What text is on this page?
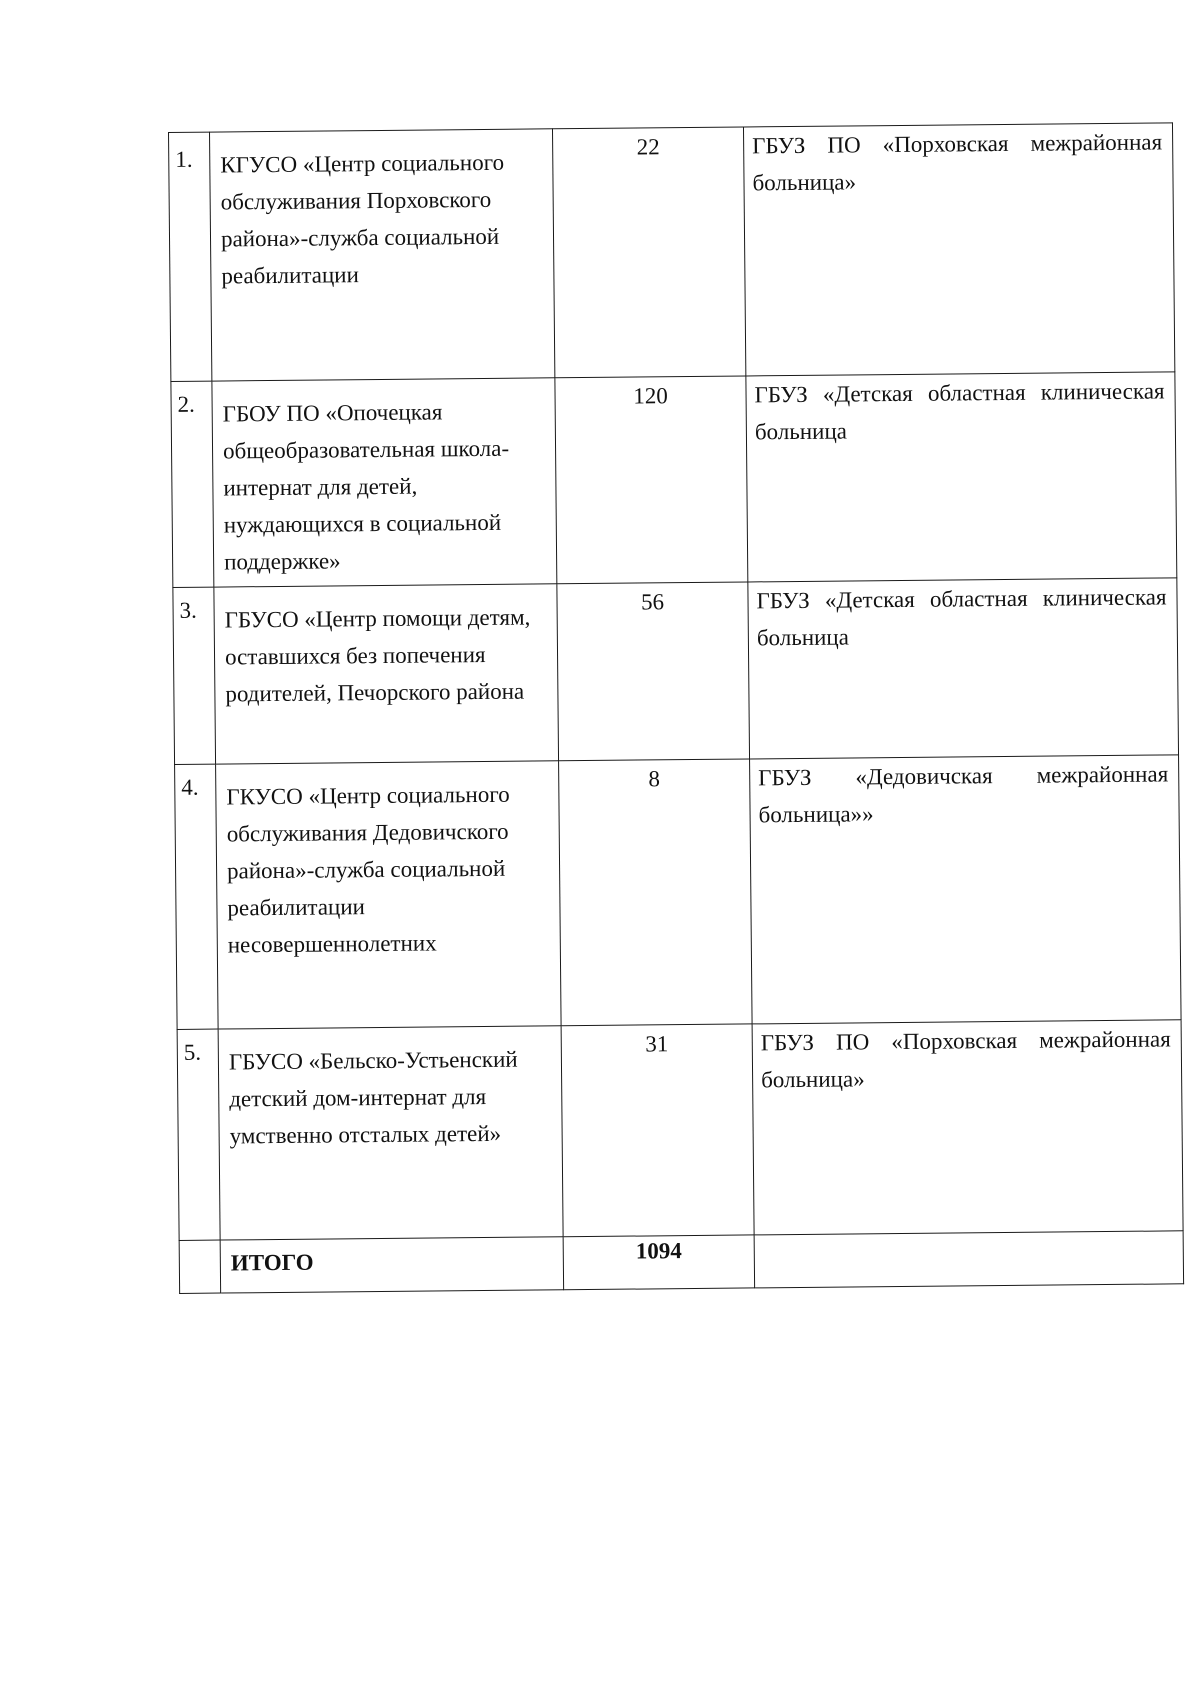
1.	КГУСО «Центр социального обслуживания Порховского района»-служба социальной реабилитации	22	ГБУЗ ПО «Порховская межрайонная больница»
2.	ГБОУ ПО «Опочецкая общеобразовательная школа-интернат для детей, нуждающихся в социальной поддержке»	120	ГБУЗ «Детская областная клиническая больница
3.	ГБУСО «Центр помощи детям, оставшихся без попечения родителей, Печорского района	56	ГБУЗ «Детская областная клиническая больница
4.	ГКУСО «Центр социального обслуживания Дедовичского района»-служба социальной реабилитации несовершеннолетних	8	ГБУЗ «Дедовичская межрайонная больница»»
5.	ГБУСО «Бельско-Устьенский детский дом-интернат для умственно отсталых детей»	31	ГБУЗ ПО «Порховская межрайонная больница»
	ИТОГО	1094	
